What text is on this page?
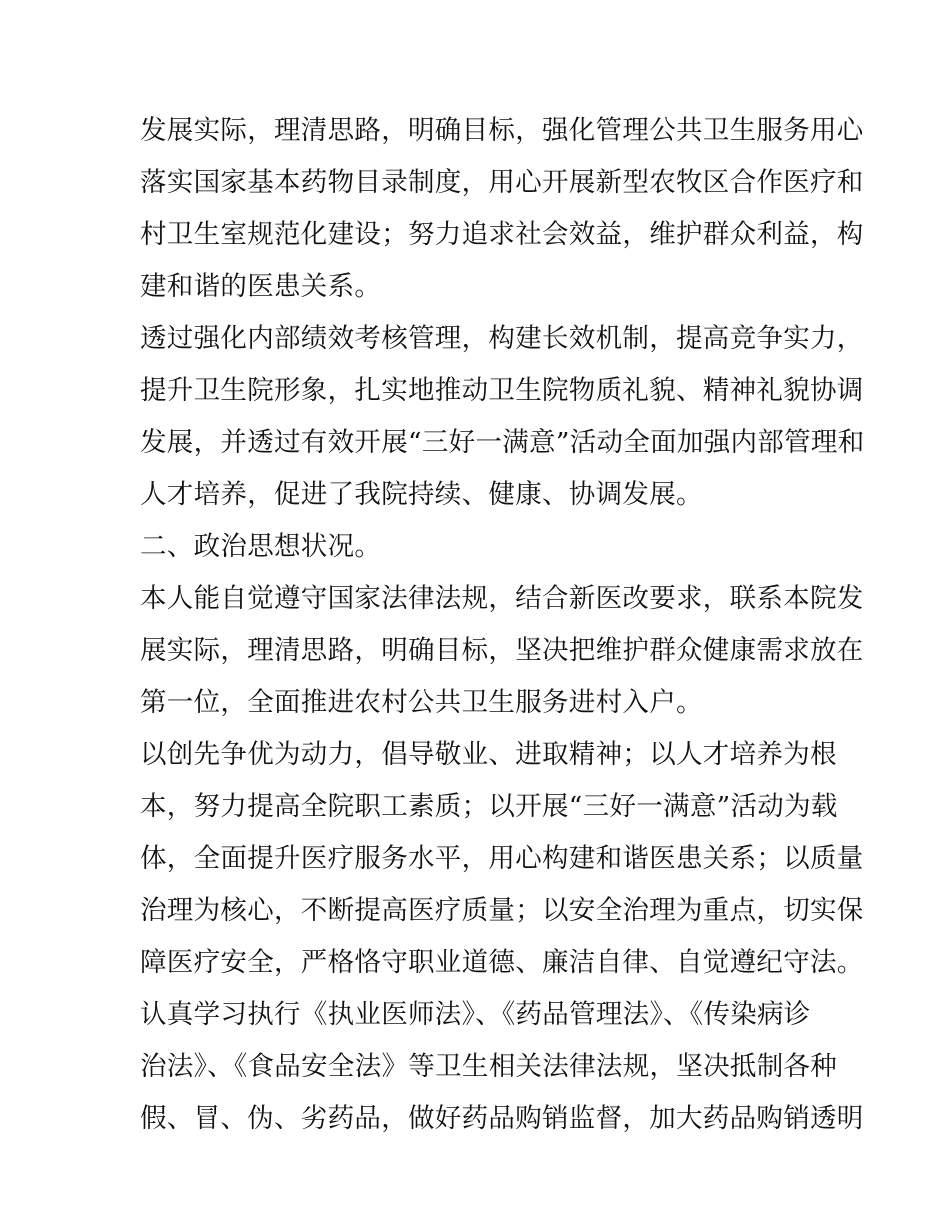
发展实际，理清思路，明确目标，强化管理公共卫生服务用心
落实国家基本药物目录制度，用心开展新型农牧区合作医疗和
村卫生室规范化建设；努力追求社会效益，维护群众利益，构
建和谐的医患关系。
透过强化内部绩效考核管理，构建长效机制，提高竞争实力，
提升卫生院形象，扎实地推动卫生院物质礼貌、精神礼貌协调
发展，并透过有效开展“三好一满意”活动全面加强内部管理和
人才培养，促进了我院持续、健康、协调发展。
二、政治思想状况。
本人能自觉遵守国家法律法规，结合新医改要求，联系本院发
展实际，理清思路，明确目标，坚决把维护群众健康需求放在
第一位，全面推进农村公共卫生服务进村入户。
以创先争优为动力，倡导敬业、进取精神；以人才培养为根
本，努力提高全院职工素质；以开展“三好一满意”活动为载
体，全面提升医疗服务水平，用心构建和谐医患关系；以质量
治理为核心，不断提高医疗质量；以安全治理为重点，切实保
障医疗安全，严格恪守职业道德、廉洁自律、自觉遵纪守法。
认真学习执行《执业医师法》、《药品管理法》、《传染病诊
治法》、《食品安全法》等卫生相关法律法规，坚决抵制各种
假、冒、伪、劣药品，做好药品购销监督，加大药品购销透明
